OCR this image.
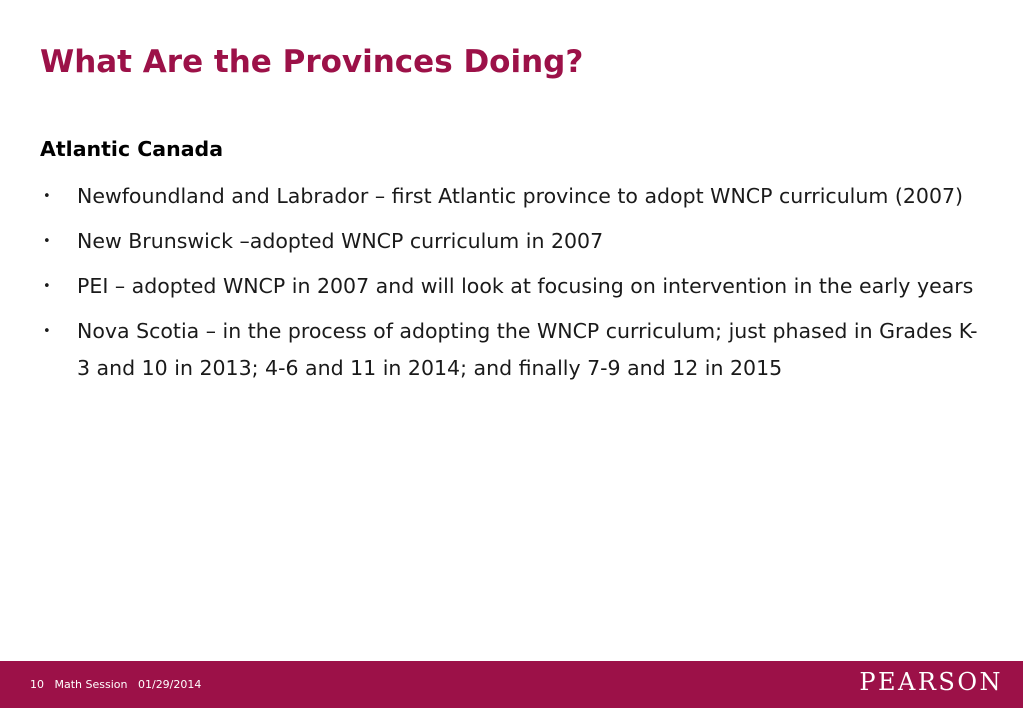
What Are the Provinces Doing?
Atlantic Canada
• Newfoundland and Labrador – first Atlantic province to adopt WNCP curriculum (2007)
• New Brunswick –adopted WNCP curriculum in 2007
• PEI – adopted WNCP in 2007 and will look at focusing on intervention in the early years
• Nova Scotia – in the process of adopting the WNCP curriculum; just phased in Grades K-3 and 10 in 2013; 4-6 and 11 in 2014; and finally 7-9 and 12 in 2015
10 Math Session 01/29/2014	PEARSON
